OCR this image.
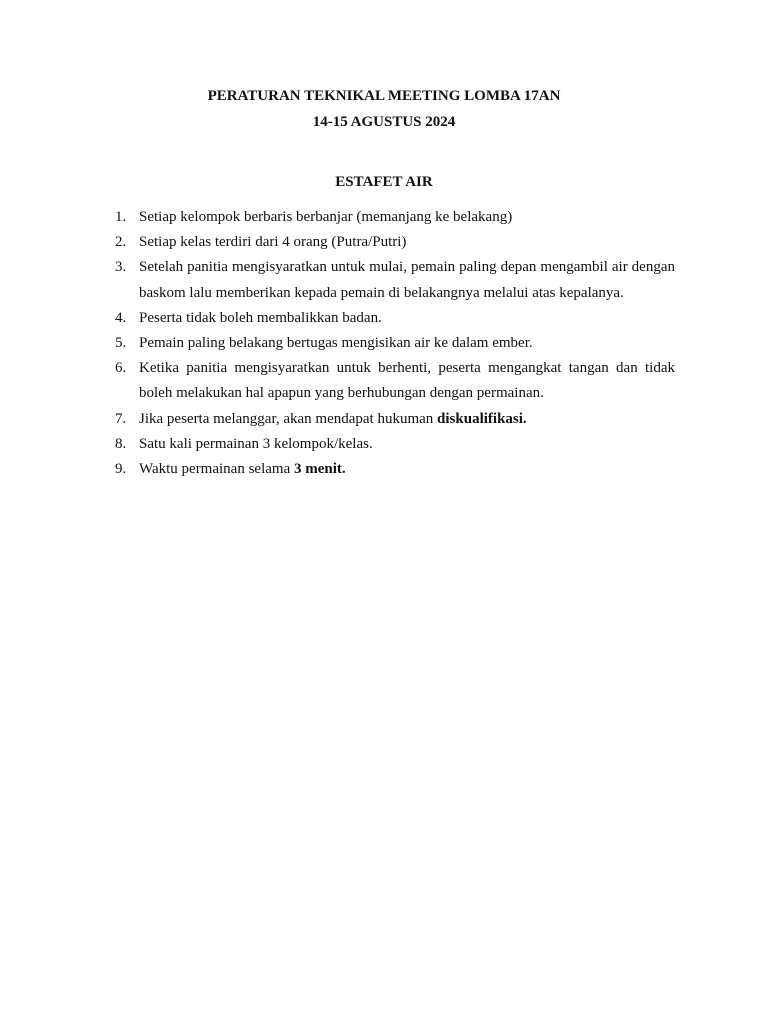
PERATURAN TEKNIKAL MEETING LOMBA 17AN

14-15 AGUSTUS 2024

ESTAFET AIR

1. Setiap kelompok berbaris berbanjar (memanjang ke belakang)
2. Setiap kelas terdiri dari 4 orang (Putra/Putri)
3. Setelah panitia mengisyaratkan untuk mulai, pemain paling depan mengambil air dengan baskom lalu memberikan kepada pemain di belakangnya melalui atas kepalanya.
4. Peserta tidak boleh membalikkan badan.
5. Pemain paling belakang bertugas mengisikan air ke dalam ember.
6. Ketika panitia mengisyaratkan untuk berhenti, peserta mengangkat tangan dan tidak boleh melakukan hal apapun yang berhubungan dengan permainan.
7. Jika peserta melanggar, akan mendapat hukuman diskualifikasi.
8. Satu kali permainan 3 kelompok/kelas.
9. Waktu permainan selama 3 menit.
